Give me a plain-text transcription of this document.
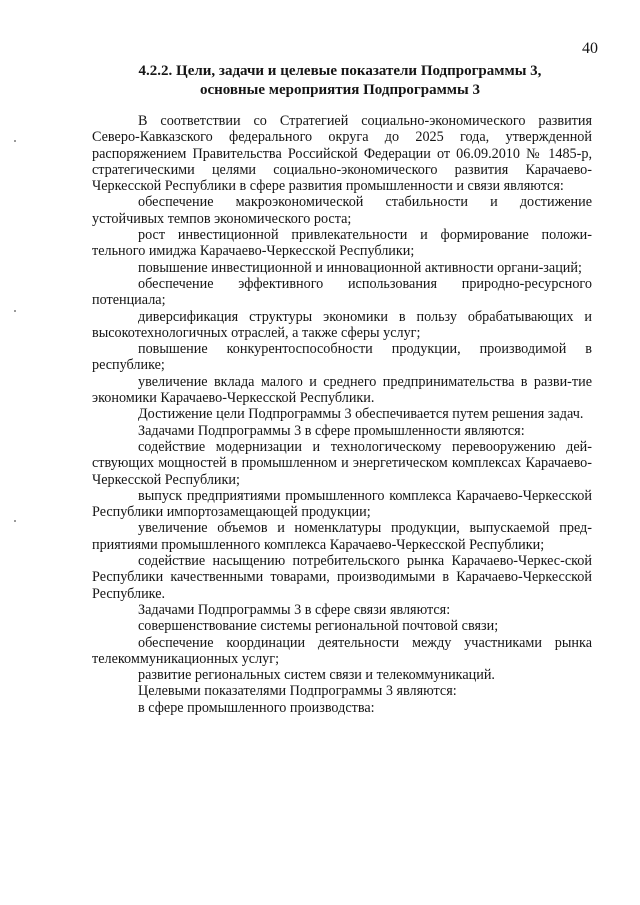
40
4.2.2. Цели, задачи и целевые показатели Подпрограммы 3,
основные мероприятия Подпрограммы 3

В соответствии со Стратегией социально-экономического развития Северо-Кавказского федерального округа до 2025 года, утвержденной распоряжением Правительства Российской Федерации от 06.09.2010 № 1485-р, стратегическими целями социально-экономического развития Карачаево-Черкесской Республики в сфере развития промышленности и связи являются:

обеспечение макроэкономической стабильности и достижение устойчивых темпов экономического роста;

рост инвестиционной привлекательности и формирование положи-тельного имиджа Карачаево-Черкесской Республики;

повышение инвестиционной и инновационной активности органи-заций;

обеспечение эффективного использования природно-ресурсного потенциала;

диверсификация структуры экономики в пользу обрабатывающих и высокотехнологичных отраслей, а также сферы услуг;

повышение конкурентоспособности продукции, производимой в республике;

увеличение вклада малого и среднего предпринимательства в разви-тие экономики Карачаево-Черкесской Республики.

Достижение цели Подпрограммы 3 обеспечивается путем решения задач.

Задачами Подпрограммы 3 в сфере промышленности являются:

содействие модернизации и технологическому перевооружению дей-ствующих мощностей в промышленном и энергетическом комплексах Карачаево-Черкесской Республики;

выпуск предприятиями промышленного комплекса Карачаево-Черкесской Республики импортозамещающей продукции;

увеличение объемов и номенклатуры продукции, выпускаемой пред-приятиями промышленного комплекса Карачаево-Черкесской Республики;

содействие насыщению потребительского рынка Карачаево-Черкес-ской Республики качественными товарами, производимыми в Карачаево-Черкесской Республике.

Задачами Подпрограммы 3 в сфере связи являются:

совершенствование системы региональной почтовой связи;

обеспечение координации деятельности между участниками рынка телекоммуникационных услуг;

развитие региональных систем связи и телекоммуникаций.

Целевыми показателями Подпрограммы 3 являются:

в сфере промышленного производства:
